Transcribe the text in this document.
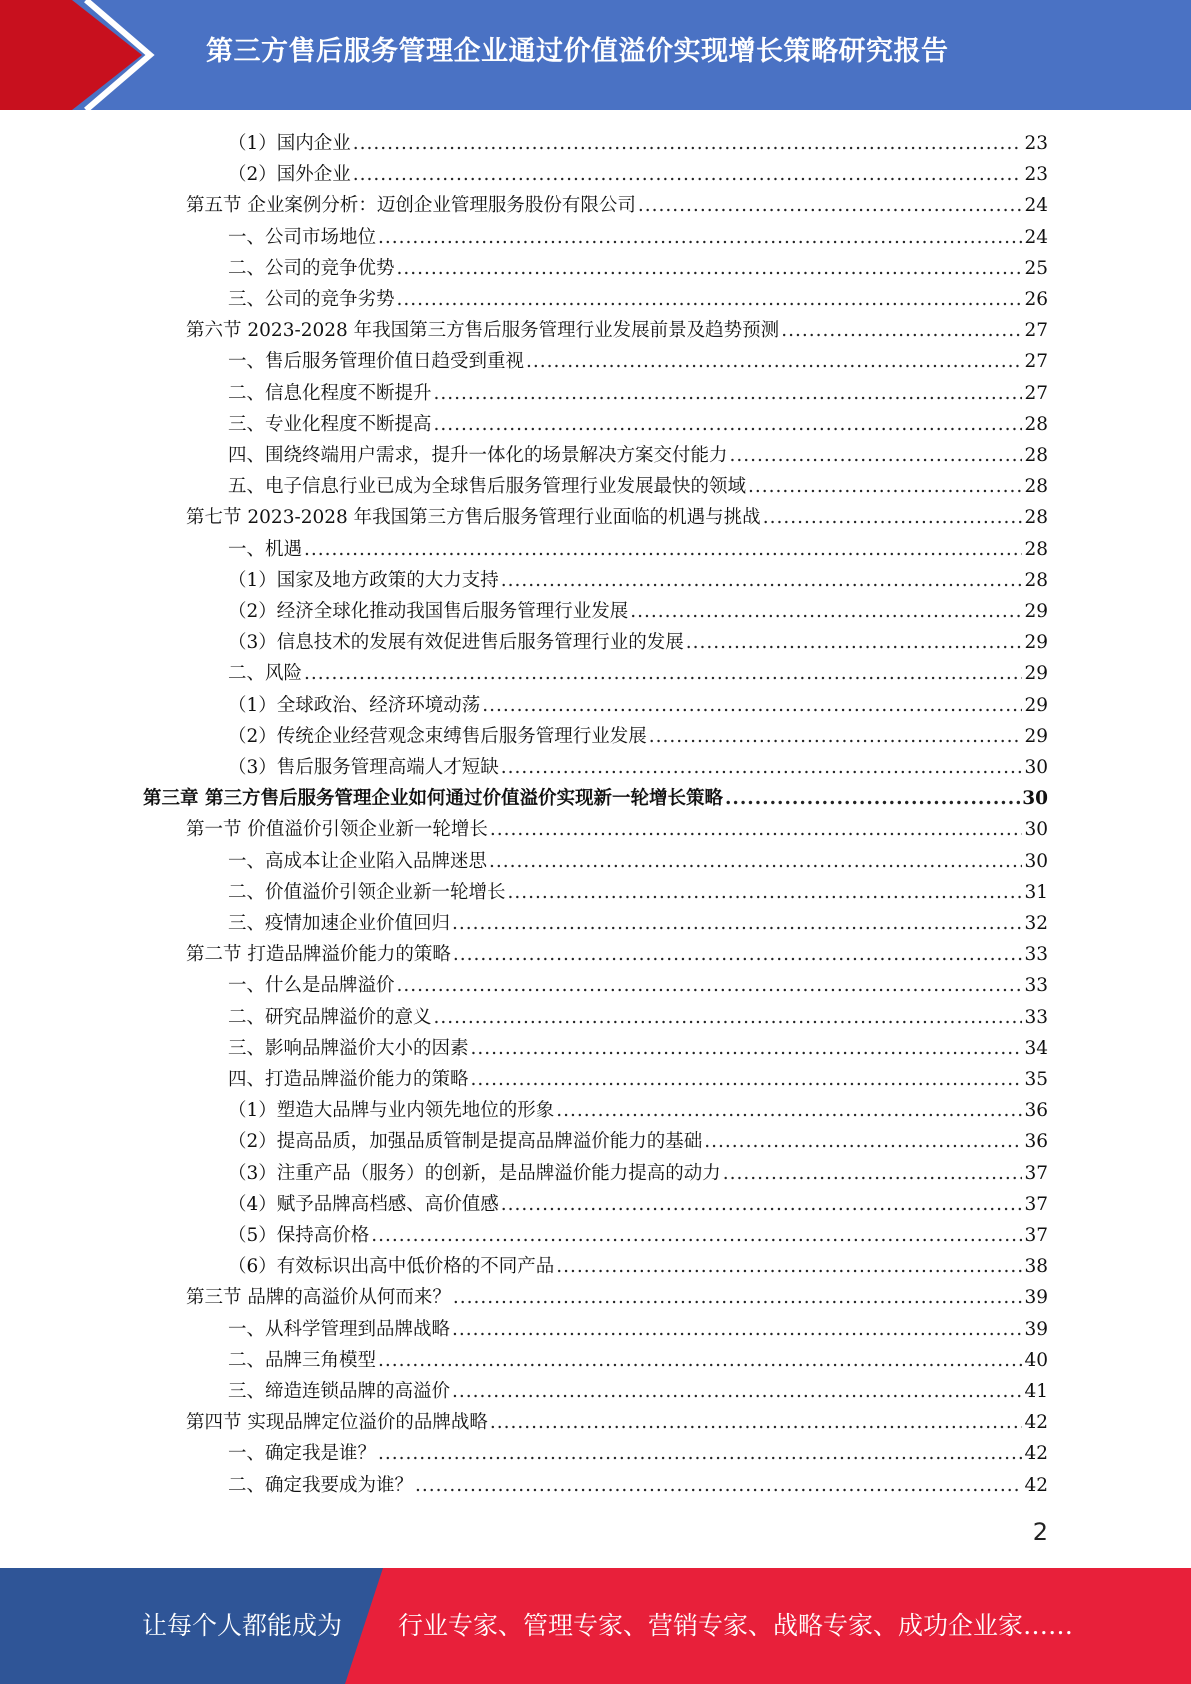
第三方售后服务管理企业通过价值溢价实现增长策略研究报告
（1）国内企业 .....	23
（2）国外企业 .....	23
第五节 企业案例分析：迈创企业管理服务股份有限公司 .....	24
一、公司市场地位 .....	24
二、公司的竞争优势 .....	25
三、公司的竞争劣势 .....	26
第六节 2023-2028 年我国第三方售后服务管理行业发展前景及趋势预测 .....	27
一、售后服务管理价值日趋受到重视 .....	27
二、信息化程度不断提升 .....	27
三、专业化程度不断提高 .....	28
四、围绕终端用户需求，提升一体化的场景解决方案交付能力 .....	28
五、电子信息行业已成为全球售后服务管理行业发展最快的领域 .....	28
第七节 2023-2028 年我国第三方售后服务管理行业面临的机遇与挑战 .....	28
一、机遇 .....	28
（1）国家及地方政策的大力支持 .....	28
（2）经济全球化推动我国售后服务管理行业发展 .....	29
（3）信息技术的发展有效促进售后服务管理行业的发展 .....	29
二、风险 .....	29
（1）全球政治、经济环境动荡 .....	29
（2）传统企业经营观念束缚售后服务管理行业发展 .....	29
（3）售后服务管理高端人才短缺 .....	30
第三章 第三方售后服务管理企业如何通过价值溢价实现新一轮增长策略 .....	30
第一节 价值溢价引领企业新一轮增长 .....	30
一、高成本让企业陷入品牌迷思 .....	30
二、价值溢价引领企业新一轮增长 .....	31
三、疫情加速企业价值回归 .....	32
第二节 打造品牌溢价能力的策略 .....	33
一、什么是品牌溢价 .....	33
二、研究品牌溢价的意义 .....	33
三、影响品牌溢价大小的因素 .....	34
四、打造品牌溢价能力的策略 .....	35
（1）塑造大品牌与业内领先地位的形象 .....	36
（2）提高品质，加强品质管制是提高品牌溢价能力的基础 .....	36
（3）注重产品（服务）的创新，是品牌溢价能力提高的动力 .....	37
（4）赋予品牌高档感、高价值感 .....	37
（5）保持高价格 .....	37
（6）有效标识出高中低价格的不同产品 .....	38
第三节 品牌的高溢价从何而来？ .....	39
一、从科学管理到品牌战略 .....	39
二、品牌三角模型 .....	40
三、缔造连锁品牌的高溢价 .....	41
第四节 实现品牌定位溢价的品牌战略 .....	42
一、确定我是谁？ .....	42
二、确定我要成为谁？ .....	42
2
让每个人都能成为 行业专家、管理专家、营销专家、战略专家、成功企业家……
